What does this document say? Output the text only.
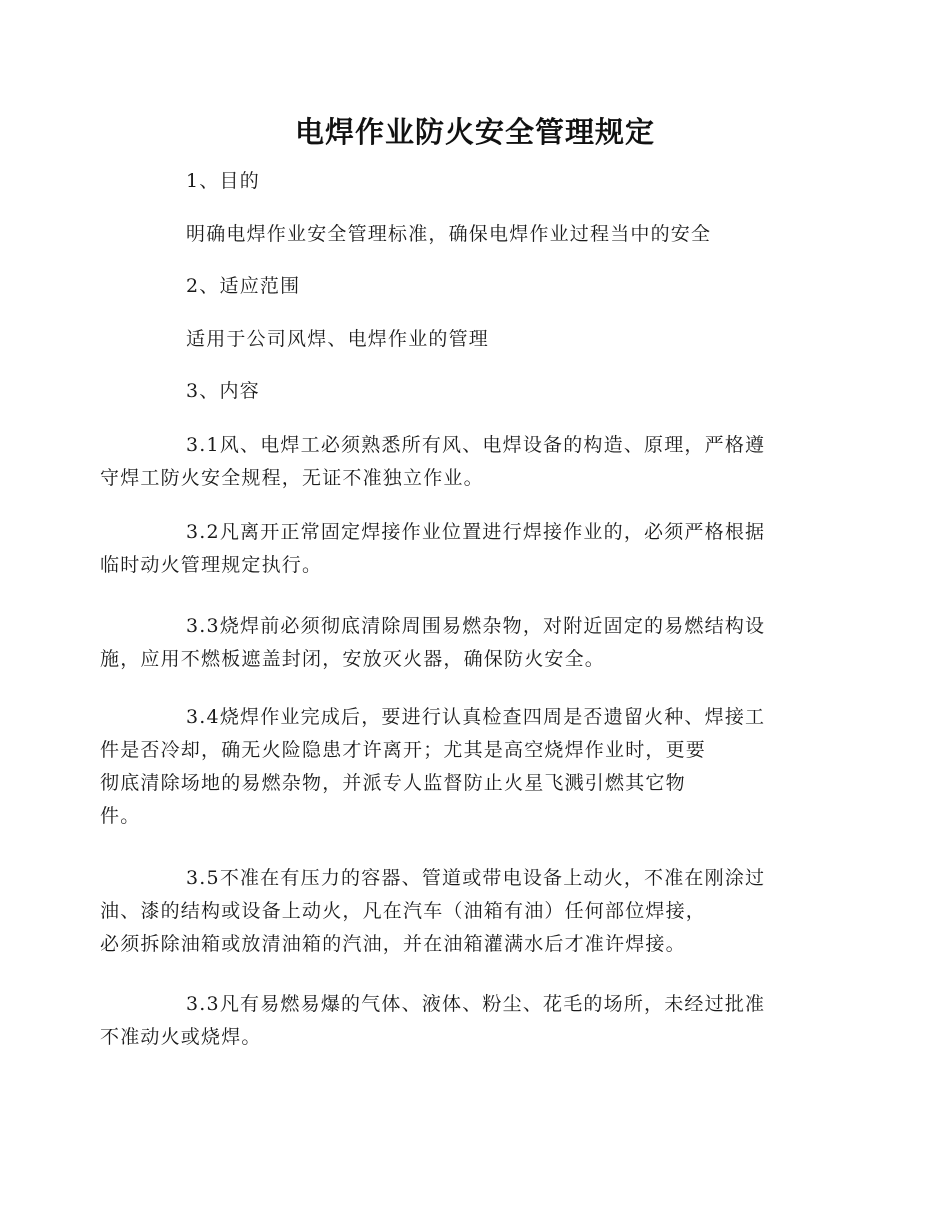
电焊作业防火安全管理规定

1、目的

明确电焊作业安全管理标准，确保电焊作业过程当中的安全

2、适应范围

适用于公司风焊、电焊作业的管理

3、内容

3.1风、电焊工必须熟悉所有风、电焊设备的构造、原理，严格遵
守焊工防火安全规程，无证不准独立作业。
3.2凡离开正常固定焊接作业位置进行焊接作业的，必须严格根据
临时动火管理规定执行。
3.3烧焊前必须彻底清除周围易燃杂物，对附近固定的易燃结构设
施，应用不燃板遮盖封闭，安放灭火器，确保防火安全。
3.4烧焊作业完成后，要进行认真检查四周是否遗留火种、焊接工
件是否冷却，确无火险隐患才许离开；尤其是高空烧焊作业时，更要
彻底清除场地的易燃杂物，并派专人监督防止火星飞溅引燃其它物
件。
3.5不准在有压力的容器、管道或带电设备上动火，不准在刚涂过
油、漆的结构或设备上动火，凡在汽车（油箱有油）任何部位焊接，
必须拆除油箱或放清油箱的汽油，并在油箱灌满水后才准许焊接。
3.3凡有易燃易爆的气体、液体、粉尘、花毛的场所，未经过批准
不准动火或烧焊。
